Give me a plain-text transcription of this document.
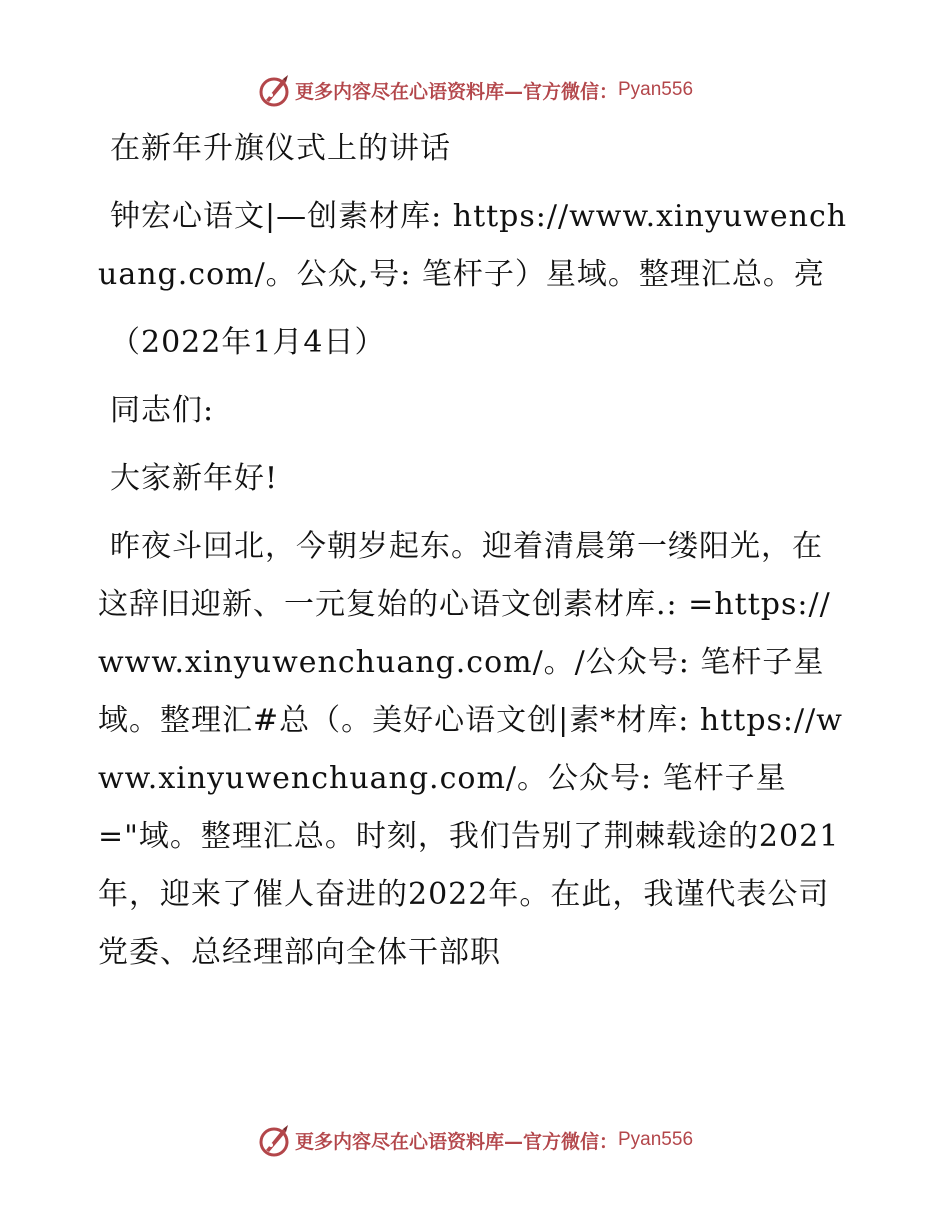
更多内容尽在心语资料库—官方微信： Pyan556

在新年升旗仪式上的讲话

钟宏心语文|—创素材库: https://www.xinyuwenchuang.com/。公众,号: 笔杆子）星域。整理汇总。亮

（2022年1月4日）

同志们:

大家新年好!

昨夜斗回北，今朝岁起东。迎着清晨第一缕阳光，在这辞旧迎新、一元复始的心语文创素材库.: =https://www.xinyuwenchuang.com/。/公众号: 笔杆子星域。整理汇#总（。美好心语文创|素*材库: https://www.xinyuwenchuang.com/。公众号: 笔杆子星="域。整理汇总。时刻，我们告别了荆棘载途的2021年，迎来了催人奋进的2022年。在此，我谨代表公司党委、总经理部向全体干部职

更多内容尽在心语资料库—官方微信： Pyan556
